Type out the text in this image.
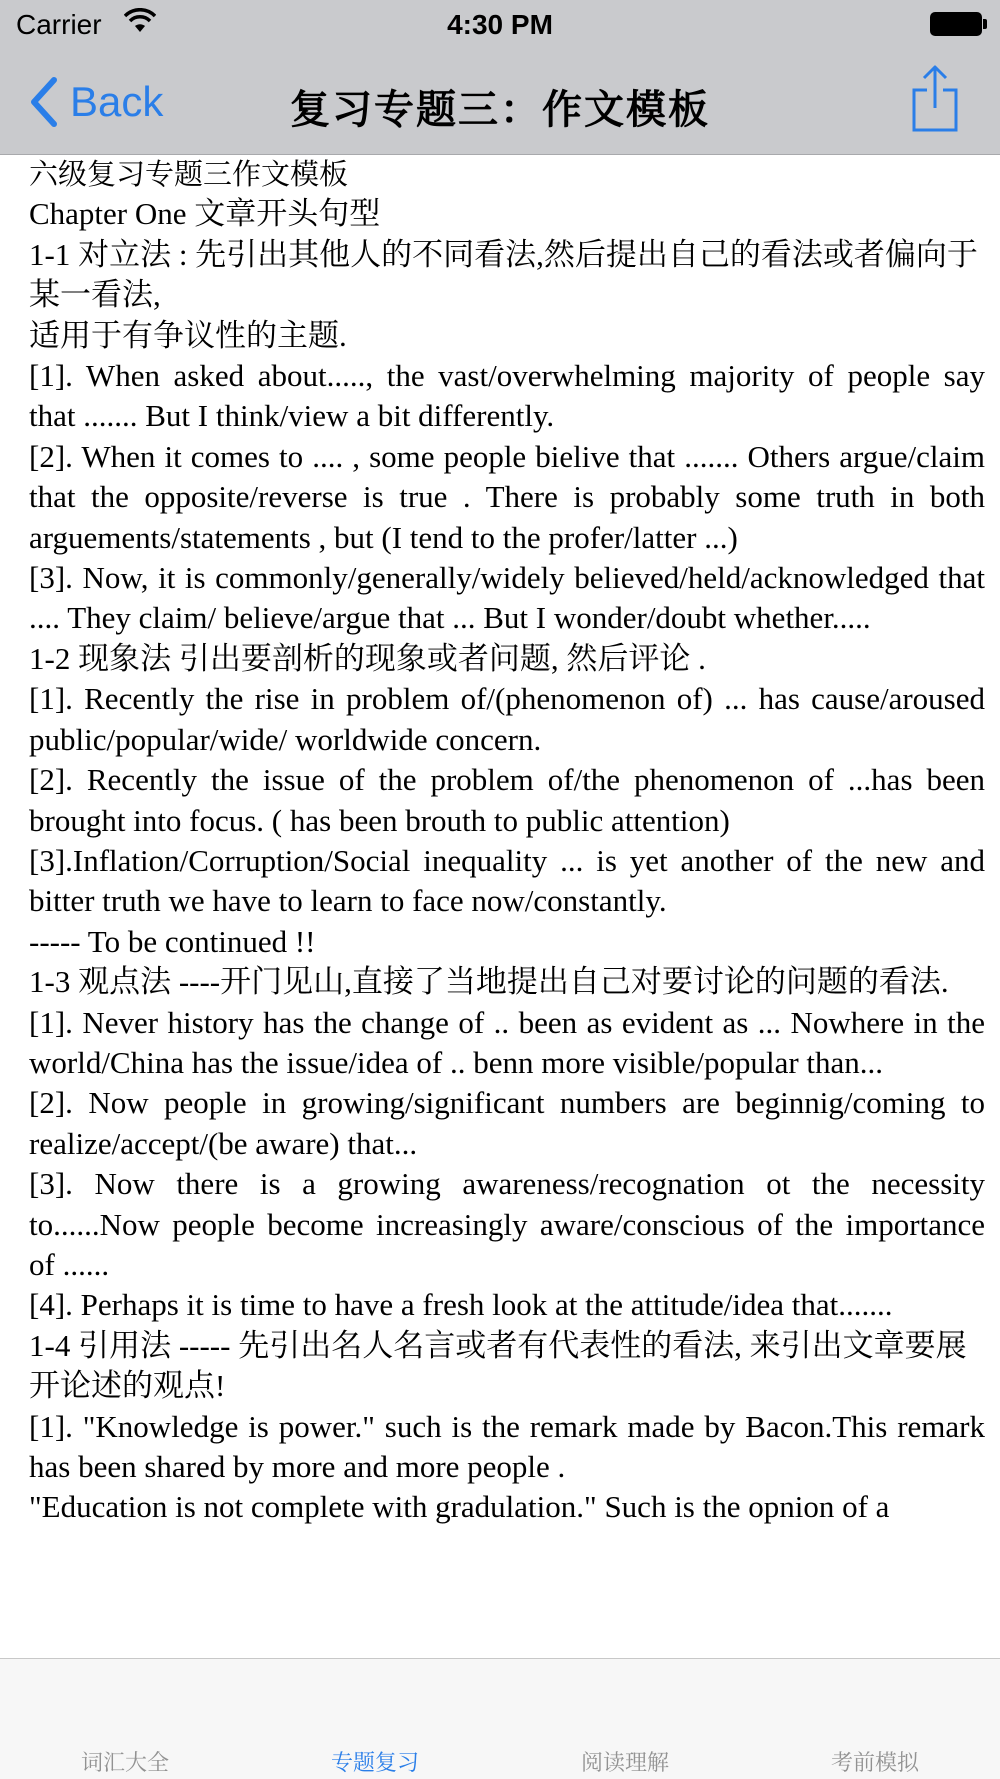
Carrier	4:30 PM
Back	复习专题三：作文模板

六级复习专题三作文模板

Chapter One 文章开头句型

1-1 对立法 : 先引出其他人的不同看法,然后提出自己的看法或者偏向于某一看法,

适用于有争议性的主题.

[1]. When asked about....., the vast/overwhelming majority of people say that ....... But I think/view a bit differently.

[2]. When it comes to .... , some people bielive that ....... Others argue/claim that the opposite/reverse is true . There is probably some truth in both arguements/statements , but (I tend to the profer/latter ...)

[3]. Now, it is commonly/generally/widely believed/held/acknowledged that .... They claim/ believe/argue that ... But I wonder/doubt whether.....

1-2 现象法 引出要剖析的现象或者问题, 然后评论 .

[1]. Recently the rise in problem of/(phenomenon of) ... has cause/aroused public/popular/wide/ worldwide concern.

[2]. Recently the issue of the problem of/the phenomenon of ...has been brought into focus. ( has been brouth to public attention)

[3].Inflation/Corruption/Social inequality ... is yet another of the new and bitter truth we have to learn to face now/constantly.

----- To be continued !!

1-3 观点法 ----开门见山,直接了当地提出自己对要讨论的问题的看法.

[1]. Never history has the change of .. been as evident as ... Nowhere in the world/China has the issue/idea of .. benn more visible/popular than...

[2]. Now people in growing/significant numbers are beginnig/coming to realize/accept/(be aware) that...

[3]. Now there is a growing awareness/recognation ot the necessity to......Now people become increasingly aware/conscious of the importance of ......

[4]. Perhaps it is time to have a fresh look at the attitude/idea that.......

1-4 引用法 ----- 先引出名人名言或者有代表性的看法, 来引出文章要展开论述的观点!

[1]. "Knowledge is power." such is the remark made by Bacon.This remark has been shared by more and more people .

"Education is not complete with gradulation." Such is the opnion of a

词汇大全	专题复习	阅读理解	考前模拟
